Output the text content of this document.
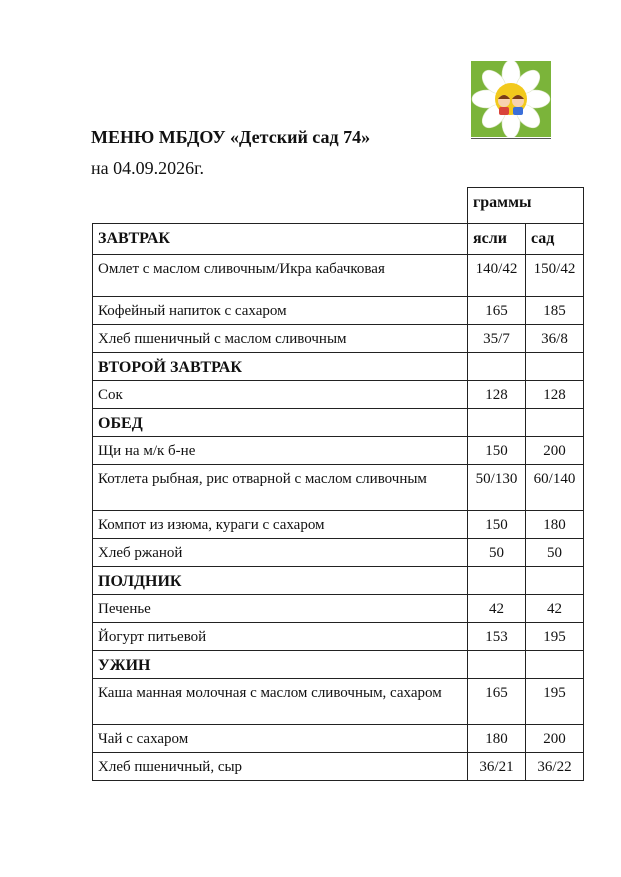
МЕНЮ МБДОУ «Детский сад 74»
на 04.09.2026г.
	граммы	
ЗАВТРАК	ясли	сад
Омлет с маслом сливочным/Икра кабачковая	140/42	150/42
Кофейный напиток с сахаром	165	185
Хлеб пшеничный с маслом сливочным	35/7	36/8
ВТОРОЙ ЗАВТРАК		
Сок	128	128
ОБЕД		
Щи на м/к б-не	150	200
Котлета рыбная, рис отварной с маслом сливочным	50/130	60/140
Компот из изюма, кураги с сахаром	150	180
Хлеб ржаной	50	50
ПОЛДНИК		
Печенье	42	42
Йогурт питьевой	153	195
УЖИН		
Каша манная молочная с маслом сливочным, сахаром	165	195
Чай с сахаром	180	200
Хлеб пшеничный, сыр	36/21	36/22
